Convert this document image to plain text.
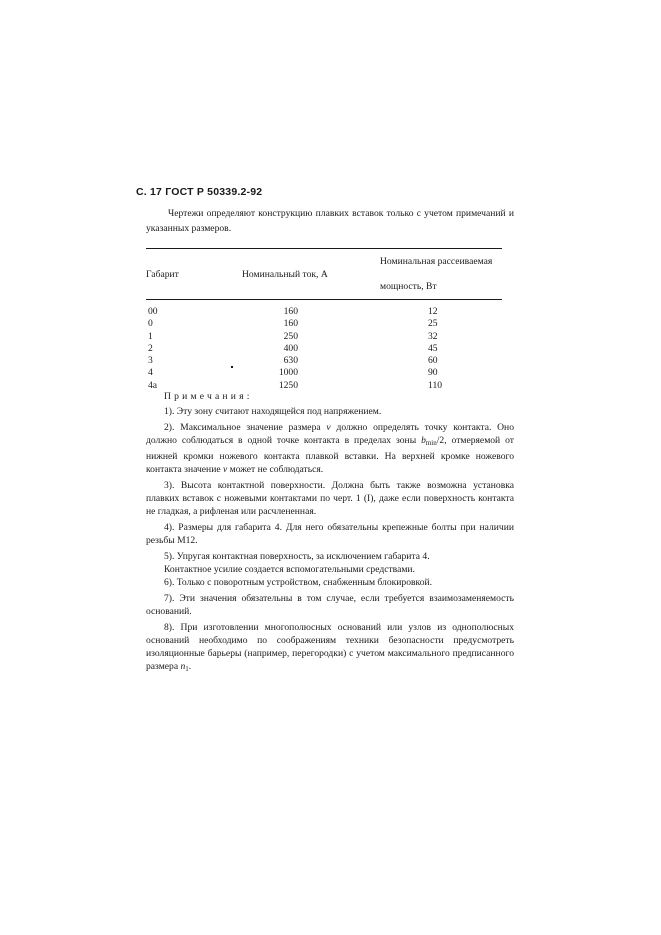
С. 17 ГОСТ Р 50339.2-92
Чертежи определяют конструкцию плавких вставок только с учетом примечаний и указанных размеров.
Габарит	Номинальный ток, А	Номинальная рассеиваемая
мощность, Вт

00	160	12
0	160	25
1	250	32
2	400	45
3	630	60
4	1000	90
4а	1250	110

Примечания:

1). Эту зону считают находящейся под напряжением.

2). Максимальное значение размера v должно определять точку контакта. Оно должно соблюдаться в одной точке контакта в пределах зоны $b_{min}/2$, отмеряемой от нижней кромки ножевого контакта плавкой вставки. На верхней кромке ножевого контакта значение v может не соблюдаться.

3). Высота контактной поверхности. Должна быть также возможна установка плавких вставок с ножевыми контактами по черт. 1 (I), даже если поверхность контакта не гладкая, а рифленая или расчлененная.

4). Размеры для габарита 4. Для него обязательны крепежные болты при наличии резьбы М12.

5). Упругая контактная поверхность, за исключением габарита 4.

Контактное усилие создается вспомогательными средствами.

6). Только с поворотным устройством, снабженным блокировкой.

7). Эти значения обязательны в том случае, если требуется взаимозаменяемость оснований.

8). При изготовлении многополюсных оснований или узлов из однополюсных оснований необходимо по соображениям техники безопасности предусмотреть изоляционные барьеры (например, перегородки) с учетом максимального предписанного размера $n_1$.
